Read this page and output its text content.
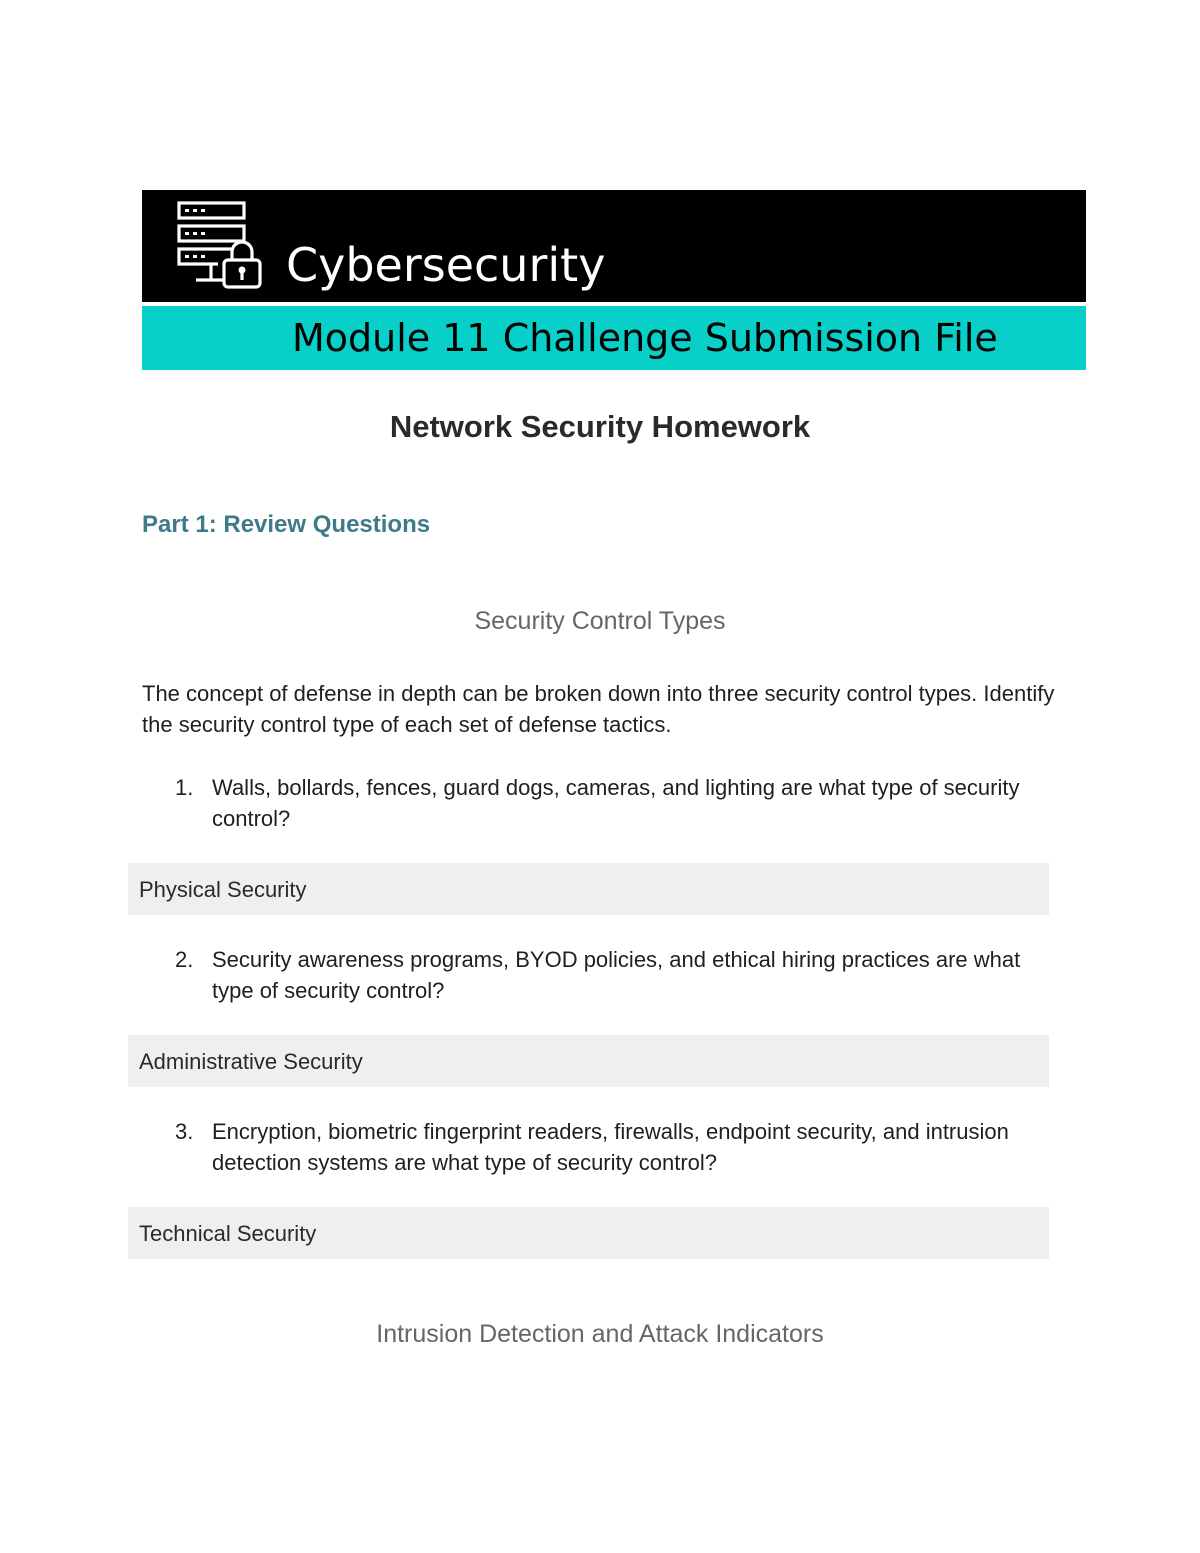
Cybersecurity
Module 11 Challenge Submission File
Network Security Homework
Part 1: Review Questions
Security Control Types
The concept of defense in depth can be broken down into three security control types. Identify the security control type of each set of defense tactics.
1. Walls, bollards, fences, guard dogs, cameras, and lighting are what type of security control?
Physical Security
2. Security awareness programs, BYOD policies, and ethical hiring practices are what type of security control?
Administrative Security
3. Encryption, biometric fingerprint readers, firewalls, endpoint security, and intrusion detection systems are what type of security control?
Technical Security
Intrusion Detection and Attack Indicators
